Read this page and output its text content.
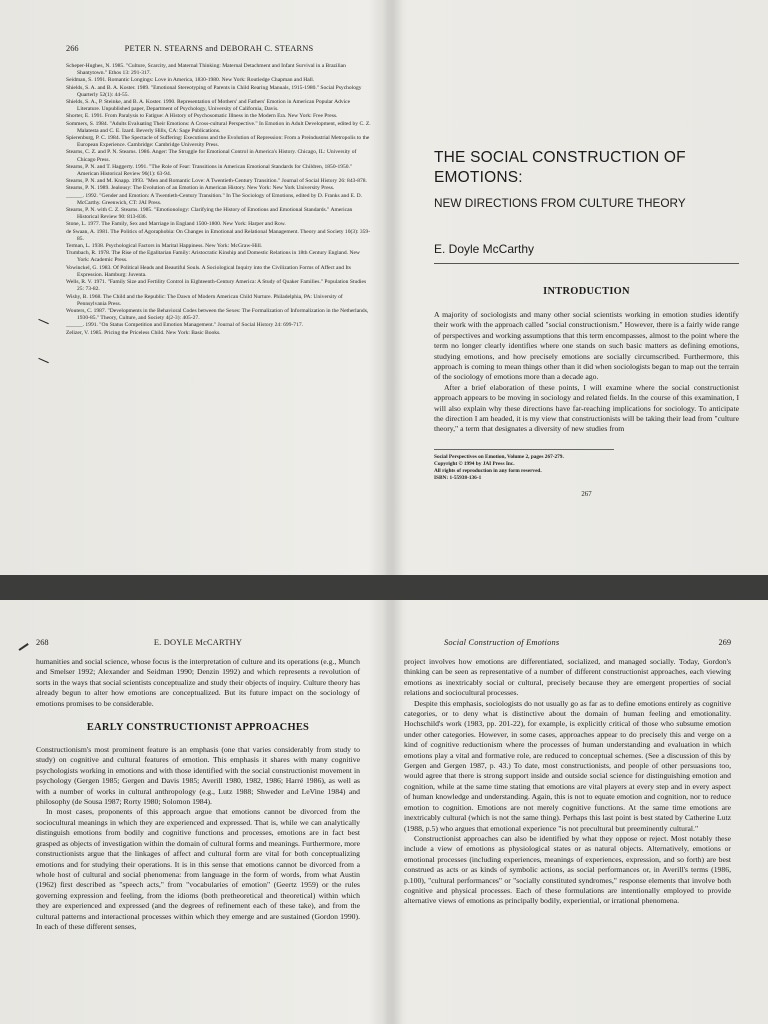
266	PETER N. STEARNS and DEBORAH C. STEARNS

Scheper-Hughes, N. 1985. "Culture, Scarcity, and Maternal Thinking: Maternal Detachment and Infant Survival in a Brazilian Shantytown." Ethos 13: 291-317.

Seidman, S. 1991. Romantic Longings: Love in America, 1830-1980. New York: Routledge Chapman and Hall.

Shields, S. A. and B. A. Koster. 1989. "Emotional Stereotyping of Parents in Child Rearing Manuals, 1915-1980." Social Psychology Quarterly 52(1): 44-55.

Shields, S. A., P. Steinke, and B. A. Koster. 1990. Representation of Mothers' and Fathers' Emotion in American Popular Advice Literature. Unpublished paper, Department of Psychology, University of California, Davis.

Shorter, E. 1991. From Paralysis to Fatigue: A History of Psychosomatic Illness in the Modern Era. New York: Free Press.

Sommers, S. 1984. "Adults Evaluating Their Emotions: A Cross-cultural Perspective." In Emotion in Adult Development, edited by C. Z. Malatesta and C. E. Izard. Beverly Hills, CA: Sage Publications.

Spierenburg, P. C. 1984. The Spectacle of Suffering: Executions and the Evolution of Repression: From a Preindustrial Metropolis to the European Experience. Cambridge: Cambridge University Press.

Stearns, C. Z. and P. N. Stearns. 1986. Anger: The Struggle for Emotional Control in America's History. Chicago, IL: University of Chicago Press.

Stearns, P. N. and T. Haggerty. 1991. "The Role of Fear: Transitions in American Emotional Standards for Children, 1850-1950." American Historical Review 96(1): 63-94.

Stearns, P. N. and M. Knapp. 1993. "Men and Romantic Love: A Twentieth-Century Transition." Journal of Social History 26: 843-878.

Stearns, P. N. 1989. Jealousy: The Evolution of an Emotion in American History. New York: New York University Press.

______. 1992. "Gender and Emotion: A Twentieth-Century Transition." In The Sociology of Emotions, edited by D. Franks and E. D. McCarthy. Greenwich, CT: JAI Press.

Stearns, P. N. with C. Z. Stearns. 1985. "Emotionology: Clarifying the History of Emotions and Emotional Standards." American Historical Review 90: 813-836.

Stone, L. 1977. The Family, Sex and Marriage in England 1500-1800. New York: Harper and Row.

de Swaan, A. 1981. The Politics of Agoraphobia: On Changes in Emotional and Relational Management. Theory and Society 10(3): 359-85.

Terman, L. 1938. Psychological Factors in Marital Happiness. New York: McGraw-Hill.

Trumbach, R. 1978. The Rise of the Egalitarian Family: Aristocratic Kinship and Domestic Relations in 18th Century England. New York: Academic Press.

Vowinckel, G. 1983. Of Political Heads and Beautiful Souls. A Sociological Inquiry into the Civilization Forms of Affect and Its Expression. Hamburg: Juventa.

Wells, R. V. 1971. "Family Size and Fertility Control in Eighteenth-Century America: A Study of Quaker Families." Population Studies 25: 73-82.

Wishy, B. 1968. The Child and the Republic: The Dawn of Modern American Child Nurture. Philadelphia, PA: University of Pennsylvania Press.

Wouters, C. 1987. "Developments in the Behavioral Codes between the Sexes: The Formalization of Informalization in the Netherlands, 1930-85." Theory, Culture, and Society 4(2-3): 405-27.

______. 1991. "On Status Competition and Emotion Management." Journal of Social History 24: 699-717.

Zelizer, V. 1985. Pricing the Priceless Child. New York: Basic Books.

THE SOCIAL CONSTRUCTION OF

EMOTIONS:

NEW DIRECTIONS FROM CULTURE THEORY

E. Doyle McCarthy

INTRODUCTION

A majority of sociologists and many other social scientists working in emotion studies identify their work with the approach called "social constructionism." However, there is a fairly wide range of perspectives and working assumptions that this term encompasses, almost to the point where the term no longer clearly identifies where one stands on such basic matters as defining emotions, studying emotions, and how precisely emotions are socially circumscribed. Furthermore, this approach is coming to mean things other than it did when sociologists began to map out the terrain of the sociology of emotions more than a decade ago.

After a brief elaboration of these points, I will examine where the social constructionist approach appears to be moving in sociology and related fields. In the course of this examination, I will also explain why these directions have far-reaching implications for sociology. To anticipate the direction I am headed, it is my view that constructionists will be taking their lead from "culture theory," a term that designates a diversity of new studies from

Social Perspectives on Emotion, Volume 2, pages 267-279.

Copyright © 1994 by JAI Press Inc.

All rights of reproduction in any form reserved.

ISBN: 1-55938-136-1

267

268	E. DOYLE McCARTHY

humanities and social science, whose focus is the interpretation of culture and its operations (e.g., Munch and Smelser 1992; Alexander and Seidman 1990; Denzin 1992) and which represents a revolution of sorts in the ways that social scientists conceptualize and study their objects of inquiry. Culture theory has already begun to alter how emotions are conceptualized. But its future impact on the sociology of emotions promises to be considerable.

EARLY CONSTRUCTIONIST APPROACHES

Constructionism's most prominent feature is an emphasis (one that varies considerably from study to study) on cognitive and cultural features of emotion. This emphasis it shares with many cognitive psychologists working in emotions and with those identified with the social constructionist movement in psychology (Gergen 1985; Gergen and Davis 1985; Averill 1980, 1982, 1986; Harré 1986), as well as with a number of works in cultural anthropology (e.g., Lutz 1988; Shweder and LeVine 1984) and philosophy (de Sousa 1987; Rorty 1980; Solomon 1984).

In most cases, proponents of this approach argue that emotions cannot be divorced from the sociocultural meanings in which they are experienced and expressed. That is, while we can analytically distinguish emotions from bodily and cognitive functions and processes, emotions are in fact best grasped as objects of investigation within the domain of cultural forms and meanings. Furthermore, more constructionists argue that the linkages of affect and cultural form are vital for both conceptualizing emotions and for studying their operations. It is in this sense that emotions cannot be divorced from a whole host of cultural and social phenomena: from language in the form of words, from what Austin (1962) first described as "speech acts," from "vocabularies of emotion" (Geertz 1959) or the rules governing expression and feeling, from the idioms (both pretheoretical and theoretical) within which they are experienced and expressed (and the degrees of refinement each of these take), and from the cultural patterns and interactional processes within which they emerge and are sustained (Gordon 1990). In each of these different senses,

Social Construction of Emotions	269

project involves how emotions are differentiated, socialized, and managed socially. Today, Gordon's thinking can be seen as representative of a number of different constructionist approaches, each viewing emotions as inextricably social or cultural, precisely because they are emergent properties of social relations and sociocultural processes.

Despite this emphasis, sociologists do not usually go as far as to define emotions entirely as cognitive categories, or to deny what is distinctive about the domain of human feeling and emotionality. Hochschild's work (1983, pp. 201-22), for example, is explicitly critical of those who subsume emotion under other categories. However, in some cases, approaches appear to do precisely this and verge on a kind of cognitive reductionism where the processes of human understanding and evaluation in which emotions play a vital and formative role, are reduced to conceptual schemes. (See a discussion of this by Gergen and Gergen 1987, p. 43.) To date, most constructionists, and people of other persuasions too, would agree that there is strong support inside and outside social science for distinguishing emotion and cognition, while at the same time stating that emotions are vital players at every step and in every aspect of human knowledge and understanding. Again, this is not to equate emotion and cognition, nor to reduce emotion to cognition. Emotions are not merely cognitive functions. At the same time emotions are inextricably cultural (which is not the same thing). Perhaps this last point is best stated by Catherine Lutz (1988, p.5) who argues that emotional experience "is not precultural but preeminently cultural."

Constructionist approaches can also be identified by what they oppose or reject. Most notably these include a view of emotions as physiological states or as natural objects. Alternatively, emotions or emotional processes (including experiences, meanings of experiences, expression, and so forth) are best construed as acts or as kinds of symbolic actions, as social performances or, in Averill's terms (1986, p.100), "cultural performances" or "socially constituted syndromes," response elements that involve both cognitive and physical processes. Each of these formulations are intentionally employed to provide alternative views of emotions as principally bodily, experiential, or irrational phenomena.
